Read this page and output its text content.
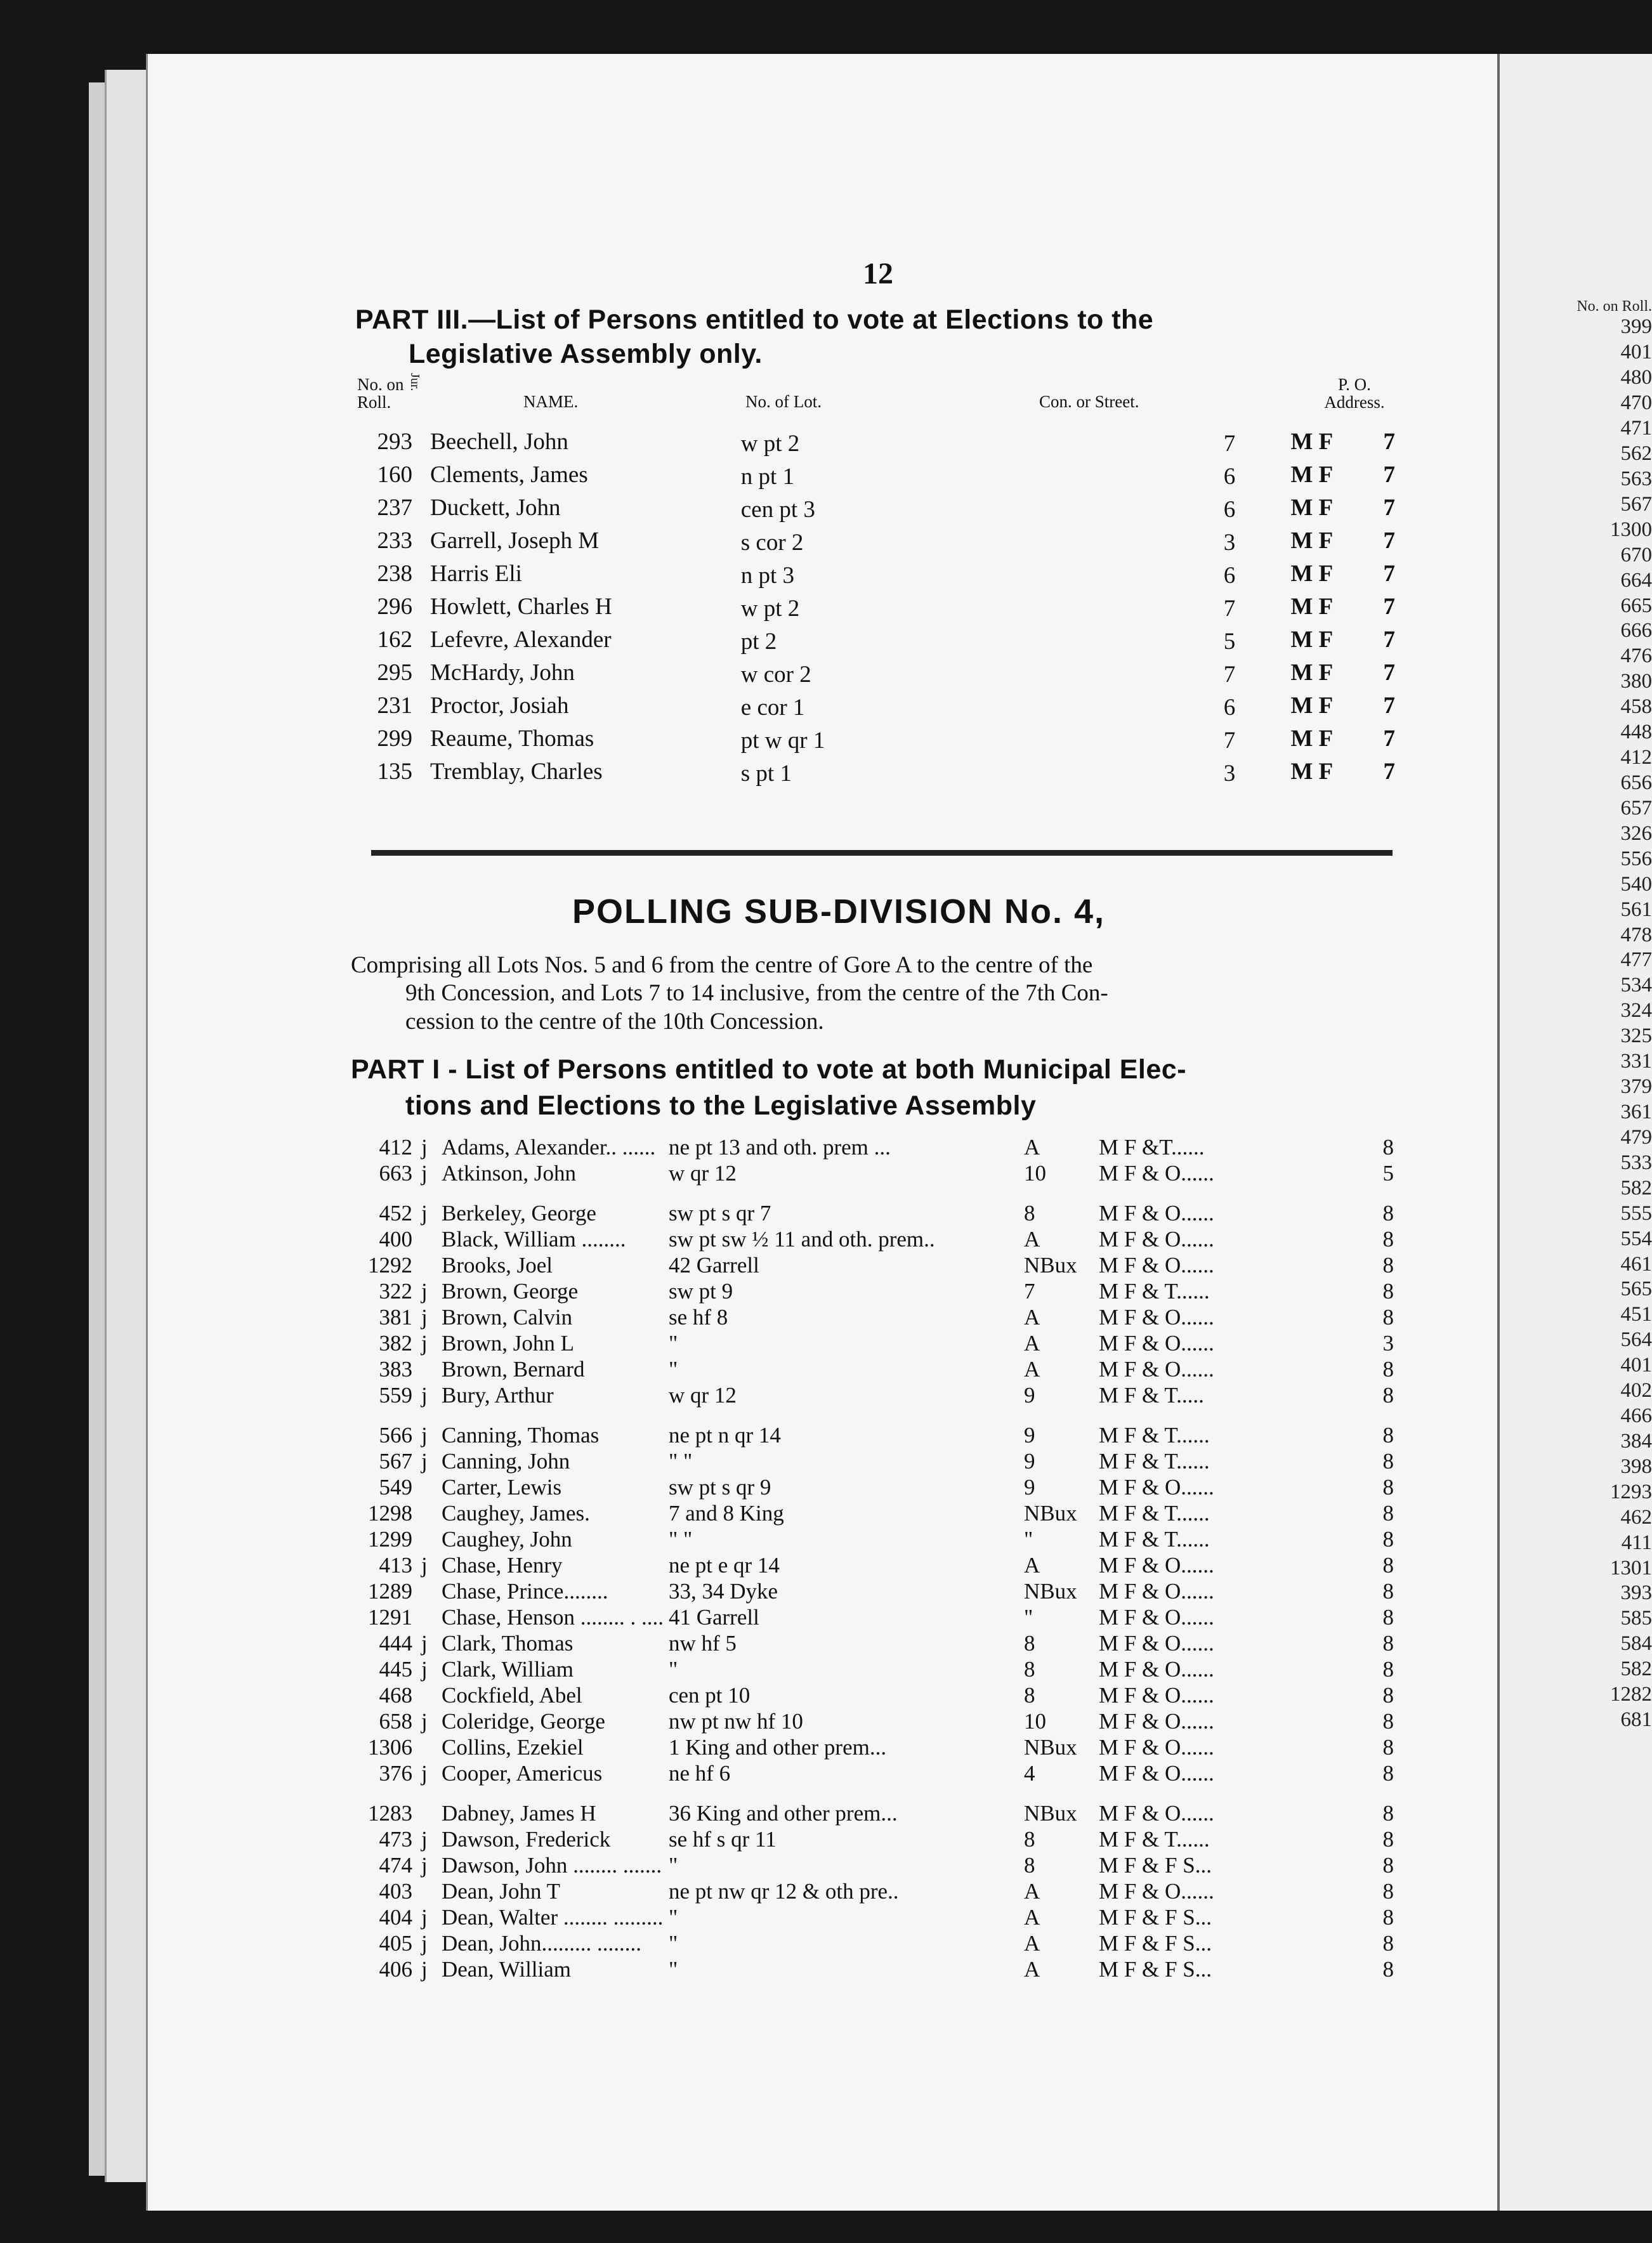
No. on Roll.
399
401
480
470
471
562
563
567
1300
670
664
665
666
476
380
458
448
412
656
657
326
556
540
561
478
477
534
324
325
331
379
361
479
533
582
555
554
461
565
451
564
401
402
466
384
398
1293
462
411
1301
393
585
584
582
1282
681
12
PART III.—List of Persons entitled to vote at Elections to the
Legislative Assembly only.
No. on Roll.
Jur.
NAME.	No. of Lot.	Con. or Street.
P. O. Address.
293	Beechell, John	w pt 2 7	M F	7
160	Clements, James	n pt 1 6	M F	7
237	Duckett, John	cen pt 3 6	M F	7
233	Garrell, Joseph M	s cor 2 3	M F	7
238	Harris Eli	n pt 3 6	M F	7
296	Howlett, Charles H	w pt 2 7	M F	7
162	Lefevre, Alexander	pt 2 5	M F	7
295	McHardy, John	w cor 2 7	M F	7
231	Proctor, Josiah	e cor 1 6	M F	7
299	Reaume, Thomas	pt w qr 1 7	M F	7
135	Tremblay, Charles	s pt 1 3	M F	7
POLLING SUB-DIVISION No. 4,
Comprising all Lots Nos. 5 and 6 from the centre of Gore A to the centre of the
9th Concession, and Lots 7 to 14 inclusive, from the centre of the 7th Con-
cession to the centre of the 10th Concession.
PART I - List of Persons entitled to vote at both Municipal Elec-
tions and Elections to the Legislative Assembly
412	j	Adams, Alexander.. ......	ne pt 13 and oth. prem ...	A	M F &T......	8
663	j	Atkinson, John	w qr 12	10	M F & O......	5

452	j	Berkeley, George	sw pt s qr 7	8	M F & O......	8
400		Black, William ........	sw pt sw ½ 11 and oth. prem..	A	M F & O......	8
1292		Brooks, Joel	42 Garrell	NBux	M F & O......	8
322	j	Brown, George	sw pt 9	7	M F & T......	8
381	j	Brown, Calvin	se hf 8	A	M F & O......	8
382	j	Brown, John L	"	A	M F & O......	3
383		Brown, Bernard	"	A	M F & O......	8
559	j	Bury, Arthur	w qr 12	9	M F & T.....	8

566	j	Canning, Thomas	ne pt n qr 14	9	M F & T......	8
567	j	Canning, John	" "	9	M F & T......	8
549		Carter, Lewis	sw pt s qr 9	9	M F & O......	8
1298		Caughey, James.	7 and 8 King	NBux	M F & T......	8
1299		Caughey, John	" "	"	M F & T......	8
413	j	Chase, Henry	ne pt e qr 14	A	M F & O......	8
1289		Chase, Prince........	33, 34 Dyke	NBux	M F & O......	8
1291		Chase, Henson ........ . ....	41 Garrell	"	M F & O......	8
444	j	Clark, Thomas	nw hf 5	8	M F & O......	8
445	j	Clark, William	"	8	M F & O......	8
468		Cockfield, Abel	cen pt 10	8	M F & O......	8
658	j	Coleridge, George	nw pt nw hf 10	10	M F & O......	8
1306		Collins, Ezekiel	1 King and other prem...	NBux	M F & O......	8
376	j	Cooper, Americus	ne hf 6	4	M F & O......	8

1283		Dabney, James H	36 King and other prem...	NBux	M F & O......	8
473	j	Dawson, Frederick	se hf s qr 11	8	M F & T......	8
474	j	Dawson, John ........ .......	"	8	M F & F S...	8
403		Dean, John T	ne pt nw qr 12 & oth pre..	A	M F & O......	8
404	j	Dean, Walter ........ .........	"	A	M F & F S...	8
405	j	Dean, John......... ........	"	A	M F & F S...	8
406	j	Dean, William	"	A	M F & F S...	8
